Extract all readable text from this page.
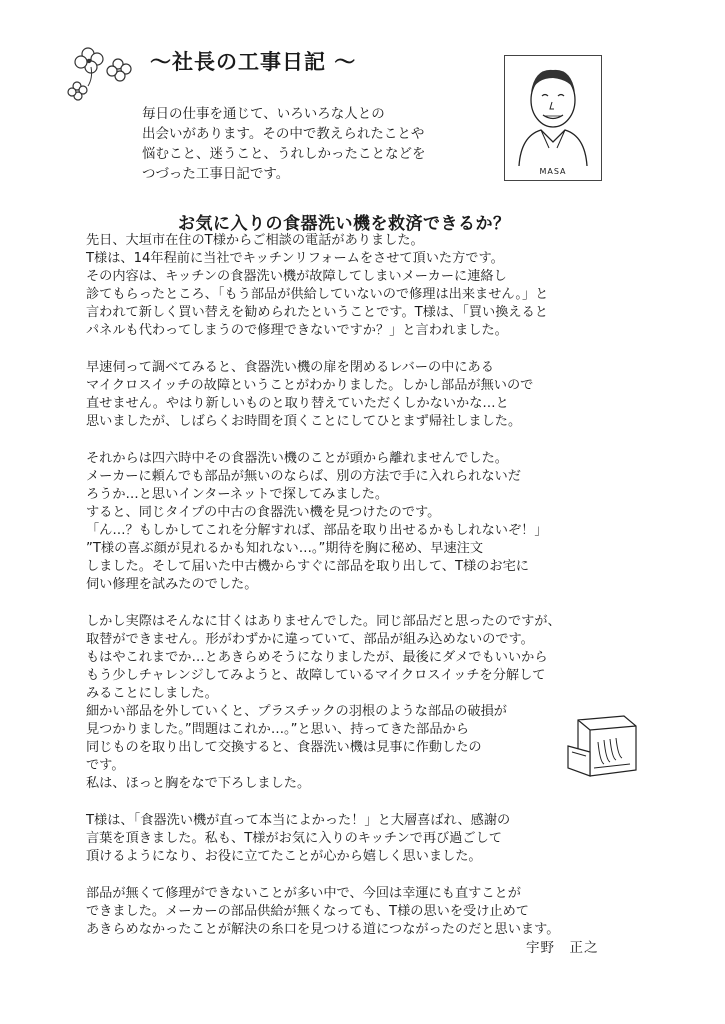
～社長の工事日記 ～

毎日の仕事を通じて、いろいろな人との

出会いがあります。その中で教えられたことや

悩むこと、迷うこと、うれしかったことなどを

つづった工事日記です。	MASA
お気に入りの食器洗い機を救済できるか？
先日、大垣市在住のT様からご相談の電話がありました。
T様は、14年程前に当社でキッチンリフォームをさせて頂いた方です。
その内容は、キッチンの食器洗い機が故障してしまいメーカーに連絡し
診てもらったところ、「もう部品が供給していないので修理は出来ません。」と
言われて新しく買い替えを勧められたということです。T様は、「買い換えると
パネルも代わってしまうので修理できないですか？」と言われました。
早速伺って調べてみると、食器洗い機の扉を閉めるレバーの中にある
マイクロスイッチの故障ということがわかりました。しかし部品が無いので
直せません。やはり新しいものと取り替えていただくしかないかな…と
思いましたが、しばらくお時間を頂くことにしてひとまず帰社しました。
それからは四六時中その食器洗い機のことが頭から離れませんでした。
メーカーに頼んでも部品が無いのならば、別の方法で手に入れられないだ
ろうか…と思いインターネットで探してみました。
すると、同じタイプの中古の食器洗い機を見つけたのです。
「ん…？もしかしてこれを分解すれば、部品を取り出せるかもしれないぞ！」
”T様の喜ぶ顔が見れるかも知れない…。”期待を胸に秘め、早速注文
しました。そして届いた中古機からすぐに部品を取り出して、T様のお宅に
伺い修理を試みたのでした。
しかし実際はそんなに甘くはありませんでした。同じ部品だと思ったのですが、
取替ができません。形がわずかに違っていて、部品が組み込めないのです。
もはやこれまでか…とあきらめそうになりましたが、最後にダメでもいいから
もう少しチャレンジしてみようと、故障しているマイクロスイッチを分解して
みることにしました。
細かい部品を外していくと、プラスチックの羽根のような部品の破損が
見つかりました。”問題はこれか…。”と思い、持ってきた部品から
同じものを取り出して交換すると、食器洗い機は見事に作動したの
です。
私は、ほっと胸をなで下ろしました。
T様は、「食器洗い機が直って本当によかった！」と大層喜ばれ、感謝の
言葉を頂きました。私も、T様がお気に入りのキッチンで再び過ごして
頂けるようになり、お役に立てたことが心から嬉しく思いました。
部品が無くて修理ができないことが多い中で、今回は幸運にも直すことが
できました。メーカーの部品供給が無くなっても、T様の思いを受け止めて
あきらめなかったことが解決の糸口を見つける道につながったのだと思います。
宇野　正之
